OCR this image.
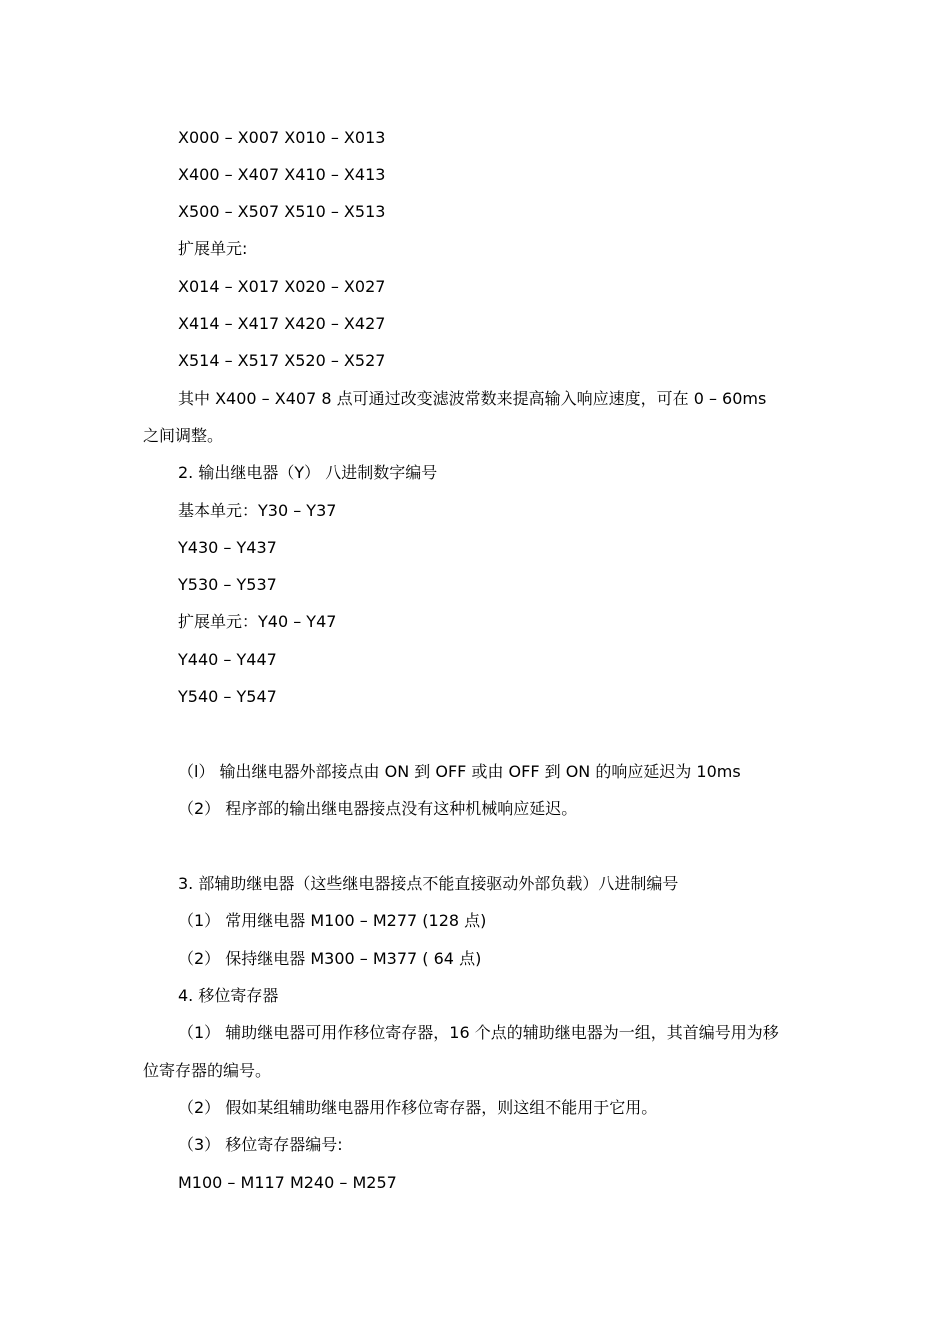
X000 – X007 X010 – X013
X400 – X407 X410 – X413
X500 – X507 X510 – X513
扩展单元:
X014 – X017 X020 – X027
X414 – X417 X420 – X427
X514 – X517 X520 – X527
其中 X400 – X407 8 点可通过改变滤波常数来提高输入响应速度，可在 0 – 60ms
之间调整。
2. 输出继电器（Y） 八进制数字编号
基本单元：Y30 – Y37
Y430 – Y437
Y530 – Y537
扩展单元：Y40 – Y47
Y440 – Y447
Y540 – Y547
（l） 输出继电器外部接点由 ON 到 OFF 或由 OFF 到 ON 的响应延迟为 10ms
（2） 程序部的输出继电器接点没有这种机械响应延迟。
3. 部辅助继电器（这些继电器接点不能直接驱动外部负载）八进制编号
（1） 常用继电器 M100 – M277 (128 点)
（2） 保持继电器 M300 – M377 ( 64 点)
4. 移位寄存器
（1） 辅助继电器可用作移位寄存器，16 个点的辅助继电器为一组，其首编号用为移
位寄存器的编号。
（2） 假如某组辅助继电器用作移位寄存器，则这组不能用于它用。
（3） 移位寄存器编号:
M100 – M117 M240 – M257
